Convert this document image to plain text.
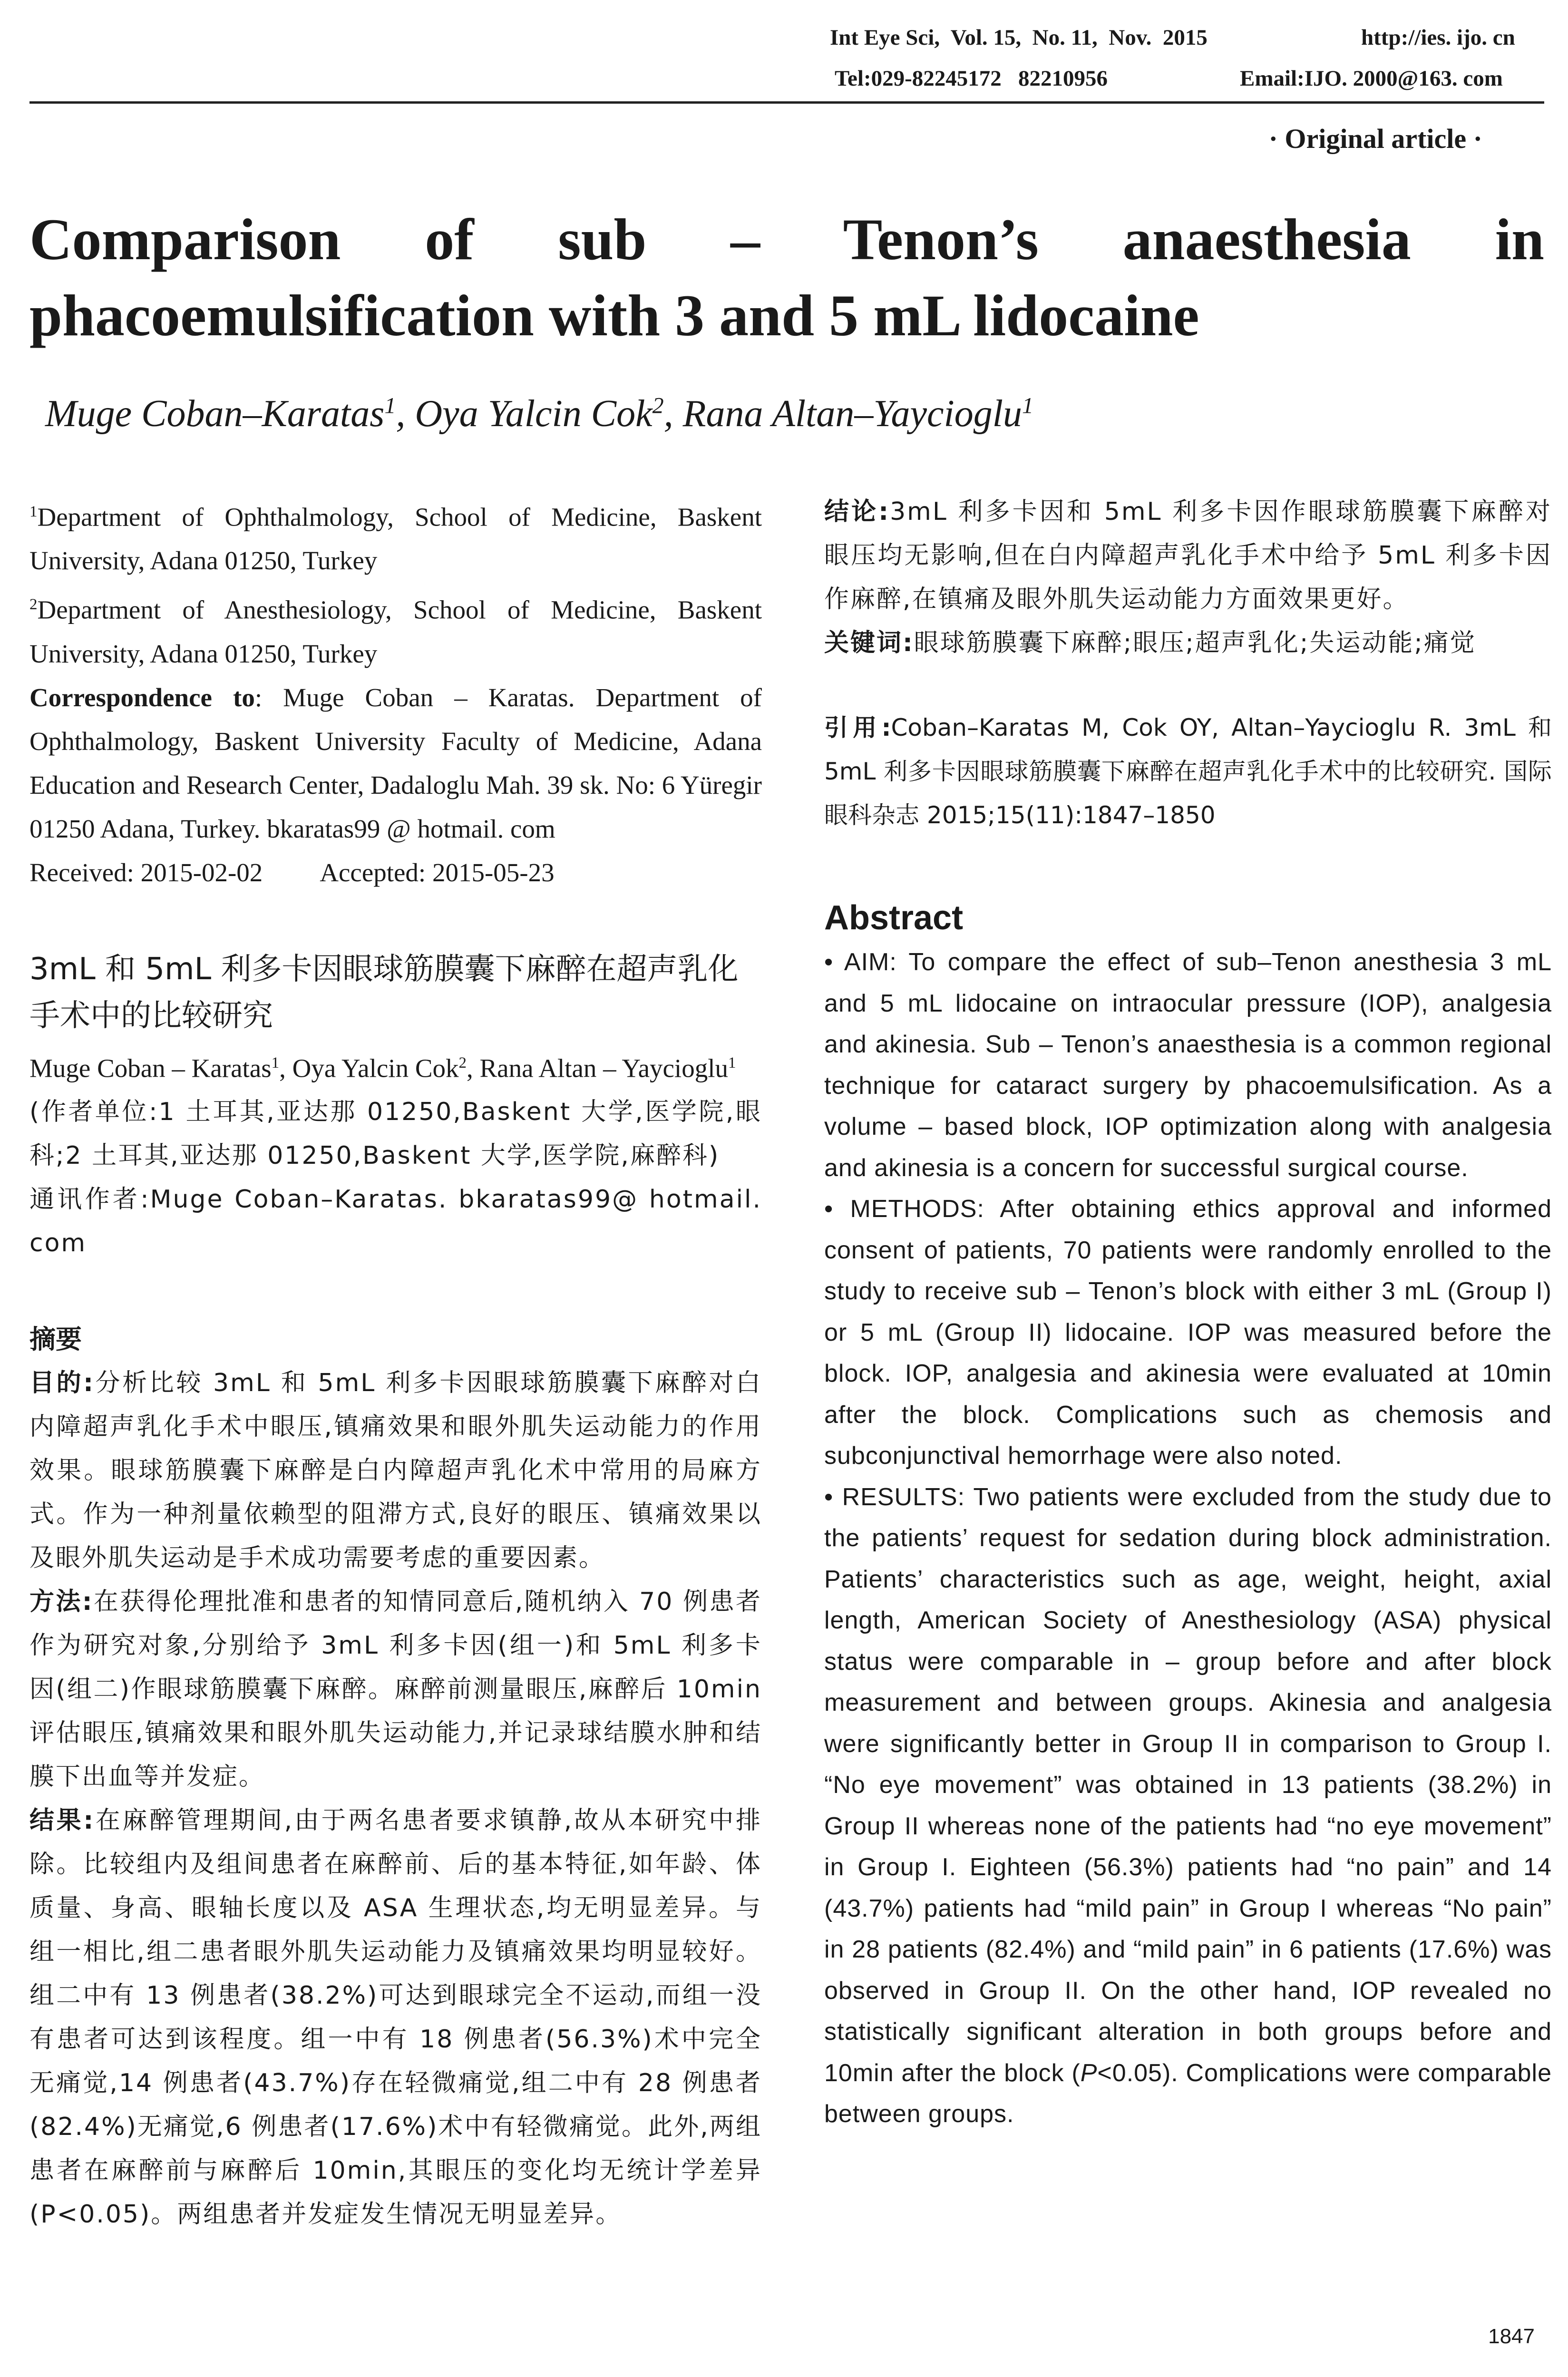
Int Eye Sci,  Vol. 15,  No. 11,  Nov.  2015	http://ies. ijo. cn
Tel:029-82245172   82210956	Email:IJO. 2000@163. com
· Original article ·
Comparison of sub – Tenon’s anaesthesia in
phacoemulsification with 3 and 5 mL lidocaine
Muge Coban–Karatas$^1$, Oya Yalcin Cok$^2$, Rana Altan–Yaycioglu$^1$
$^1$Department of Ophthalmology, School of Medicine, Baskent University, Adana 01250, Turkey
$^2$Department of Anesthesiology, School of Medicine, Baskent University, Adana 01250, Turkey
Correspondence to: Muge Coban – Karatas. Department of Ophthalmology, Baskent University Faculty of Medicine, Adana Education and Research Center, Dadaloglu Mah. 39 sk. No: 6 Yüregir 01250 Adana, Turkey. bkaratas99 @ hotmail. com
Received: 2015-02-02 Accepted: 2015-05-23
3mL 和 5mL 利多卡因眼球筋膜囊下麻醉在超声乳化手术中的比较研究
Muge Coban – Karatas$^1$, Oya Yalcin Cok$^2$, Rana Altan – Yaycioglu$^1$
(作者单位:1 土耳其,亚达那 01250,Baskent 大学,医学院,眼科;2 土耳其,亚达那 01250,Baskent 大学,医学院,麻醉科)
通讯作者:Muge Coban–Karatas. bkaratas99@ hotmail. com
摘要
目的:分析比较 3mL 和 5mL 利多卡因眼球筋膜囊下麻醉对白内障超声乳化手术中眼压,镇痛效果和眼外肌失运动能力的作用效果。眼球筋膜囊下麻醉是白内障超声乳化术中常用的局麻方式。作为一种剂量依赖型的阻滞方式,良好的眼压、镇痛效果以及眼外肌失运动是手术成功需要考虑的重要因素。
方法:在获得伦理批准和患者的知情同意后,随机纳入 70 例患者作为研究对象,分别给予 3mL 利多卡因(组一)和 5mL 利多卡因(组二)作眼球筋膜囊下麻醉。麻醉前测量眼压,麻醉后 10min 评估眼压,镇痛效果和眼外肌失运动能力,并记录球结膜水肿和结膜下出血等并发症。
结果:在麻醉管理期间,由于两名患者要求镇静,故从本研究中排除。比较组内及组间患者在麻醉前、后的基本特征,如年龄、体质量、身高、眼轴长度以及 ASA 生理状态,均无明显差异。与组一相比,组二患者眼外肌失运动能力及镇痛效果均明显较好。组二中有 13 例患者(38.2%)可达到眼球完全不运动,而组一没有患者可达到该程度。组一中有 18 例患者(56.3%)术中完全无痛觉,14 例患者(43.7%)存在轻微痛觉,组二中有 28 例患者(82.4%)无痛觉,6 例患者(17.6%)术中有轻微痛觉。此外,两组患者在麻醉前与麻醉后 10min,其眼压的变化均无统计学差异(P<0.05)。两组患者并发症发生情况无明显差异。
结论:3mL 利多卡因和 5mL 利多卡因作眼球筋膜囊下麻醉对眼压均无影响,但在白内障超声乳化手术中给予 5mL 利多卡因作麻醉,在镇痛及眼外肌失运动能力方面效果更好。
关键词:眼球筋膜囊下麻醉;眼压;超声乳化;失运动能;痛觉
引用:Coban–Karatas M, Cok OY, Altan–Yaycioglu R. 3mL 和 5mL 利多卡因眼球筋膜囊下麻醉在超声乳化手术中的比较研究. 国际眼科杂志 2015;15(11):1847–1850
Abstract

• AIM: To compare the effect of sub–Tenon anesthesia 3 mL and 5 mL lidocaine on intraocular pressure (IOP), analgesia and akinesia. Sub – Tenon’s anaesthesia is a common regional technique for cataract surgery by phacoemulsification. As a volume – based block, IOP optimization along with analgesia and akinesia is a concern for successful surgical course.

• METHODS: After obtaining ethics approval and informed consent of patients, 70 patients were randomly enrolled to the study to receive sub – Tenon’s block with either 3 mL (Group I) or 5 mL (Group II) lidocaine. IOP was measured before the block. IOP, analgesia and akinesia were evaluated at 10min after the block. Complications such as chemosis and subconjunctival hemorrhage were also noted.

• RESULTS: Two patients were excluded from the study due to the patients’ request for sedation during block administration. Patients’ characteristics such as age, weight, height, axial length, American Society of Anesthesiology (ASA) physical status were comparable in – group before and after block measurement and between groups. Akinesia and analgesia were significantly better in Group II in comparison to Group I. “No eye movement” was obtained in 13 patients (38.2%) in Group II whereas none of the patients had “no eye movement” in Group I. Eighteen (56.3%) patients had “no pain” and 14 (43.7%) patients had “mild pain” in Group I whereas “No pain” in 28 patients (82.4%) and “mild pain” in 6 patients (17.6%) was observed in Group II. On the other hand, IOP revealed no statistically significant alteration in both groups before and 10min after the block (P<0.05). Complications were comparable between groups.

1847
